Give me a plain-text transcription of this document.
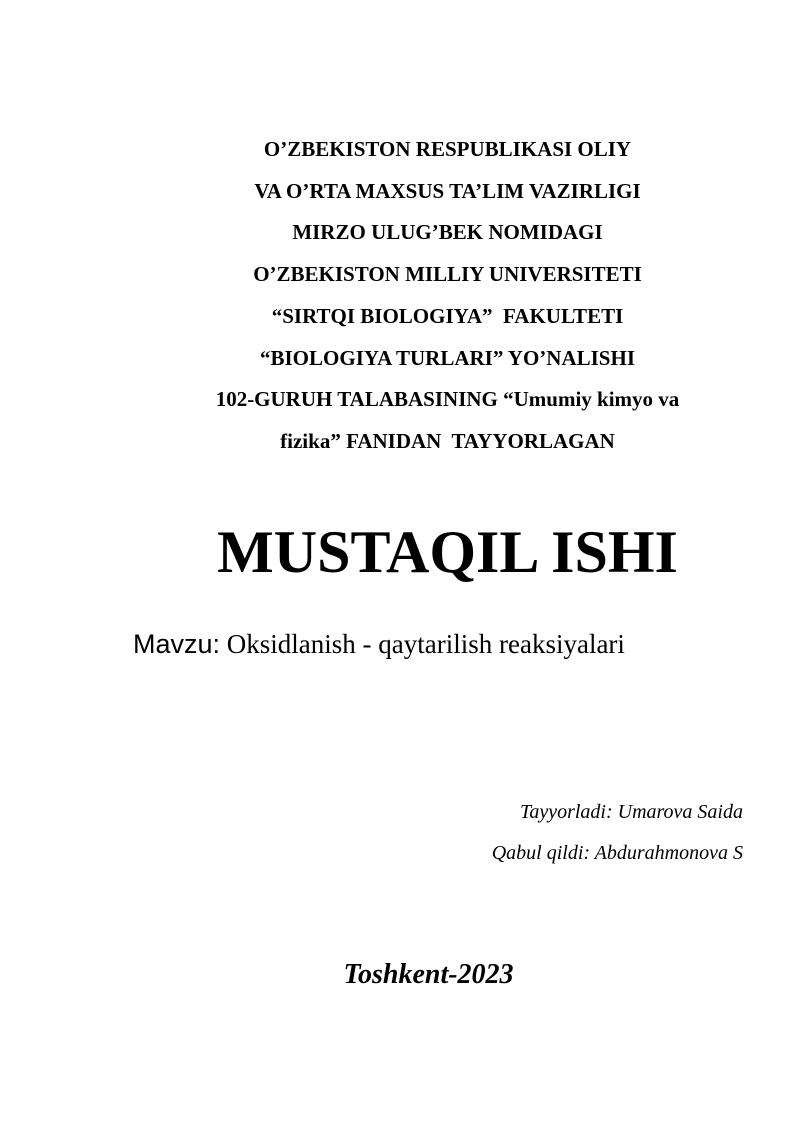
O’ZBEKISTON RESPUBLIKASI OLIY
VA O’RTA MAXSUS TA’LIM VAZIRLIGI
MIRZO ULUG’BEK NOMIDAGI
O’ZBEKISTON MILLIY UNIVERSITETI
“SIRTQI BIOLOGIYA”  FAKULTETI
“BIOLOGIYA TURLARI” YO’NALISHI
102-GURUH TALABASINING “Umumiy kimyo va
fizika” FANIDAN  TAYYORLAGAN
MUSTAQIL ISHI
Mavzu: Oksidlanish - qaytarilish reaksiyalari
Tayyorladi: Umarova Saida
Qabul qildi: Abdurahmonova S
Toshkent-2023
